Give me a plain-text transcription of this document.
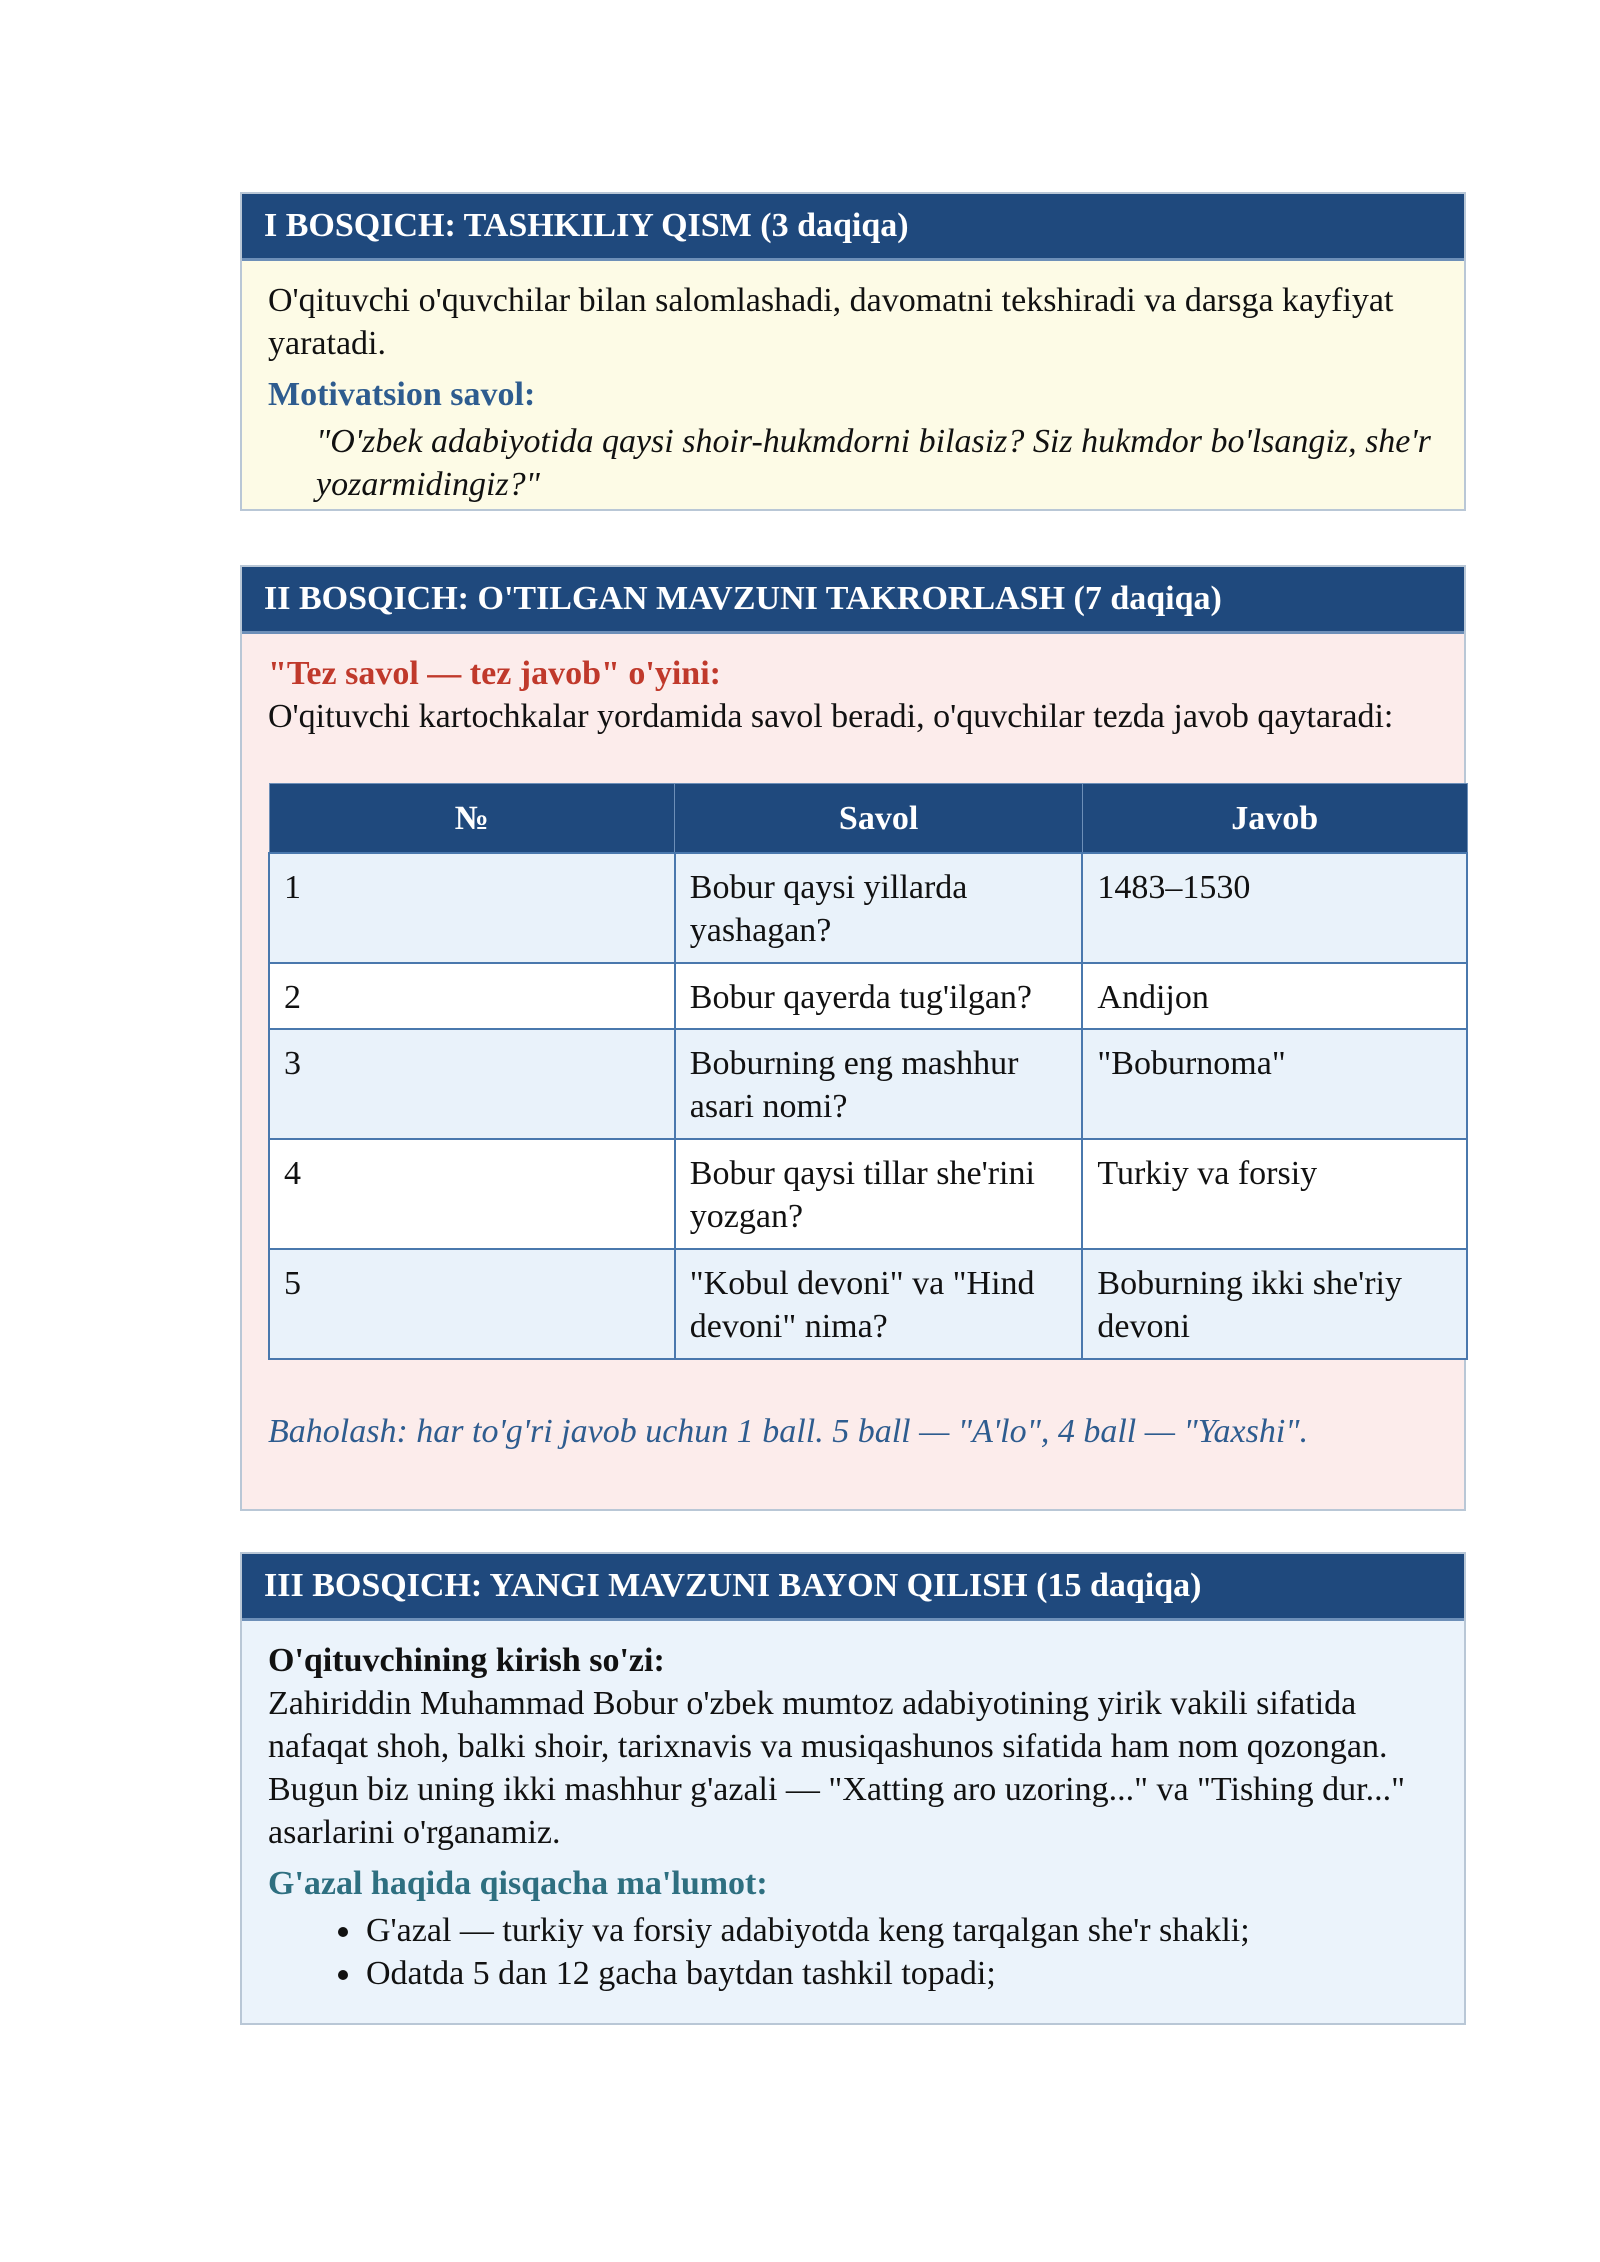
I BOSQICH: TASHKILIY QISM (3 daqiqa)
O'qituvchi o'quvchilar bilan salomlashadi, davomatni tekshiradi va darsga kayfiyat yaratadi.
Motivatsion savol:
"O'zbek adabiyotida qaysi shoir-hukmdorni bilasiz? Siz hukmdor bo'lsangiz, she'r yozarmidingiz?"
II BOSQICH: O'TILGAN MAVZUNI TAKRORLASH (7 daqiqa)
"Tez savol — tez javob" o'yini:
O'qituvchi kartochkalar yordamida savol beradi, o'quvchilar tezda javob qaytaradi:
№	Savol	Javob
1	Bobur qaysi yillarda yashagan?	1483–1530
2	Bobur qayerda tug'ilgan?	Andijon
3	Boburning eng mashhur asari nomi?	"Boburnoma"
4	Bobur qaysi tillar she'rini yozgan?	Turkiy va forsiy
5	"Kobul devoni" va "Hind devoni" nima?	Boburning ikki she'riy devoni
Baholash: har to'g'ri javob uchun 1 ball. 5 ball — "A'lo", 4 ball — "Yaxshi".
III BOSQICH: YANGI MAVZUNI BAYON QILISH (15 daqiqa)
O'qituvchining kirish so'zi:
Zahiriddin Muhammad Bobur o'zbek mumtoz adabiyotining yirik vakili sifatida nafaqat shoh, balki shoir, tarixnavis va musiqashunos sifatida ham nom qozongan. Bugun biz uning ikki mashhur g'azali — "Xatting aro uzoring..." va "Tishing dur..." asarlarini o'rganamiz.
G'azal haqida qisqacha ma'lumot:
• G'azal — turkiy va forsiy adabiyotda keng tarqalgan she'r shakli;
• Odatda 5 dan 12 gacha baytdan tashkil topadi;
